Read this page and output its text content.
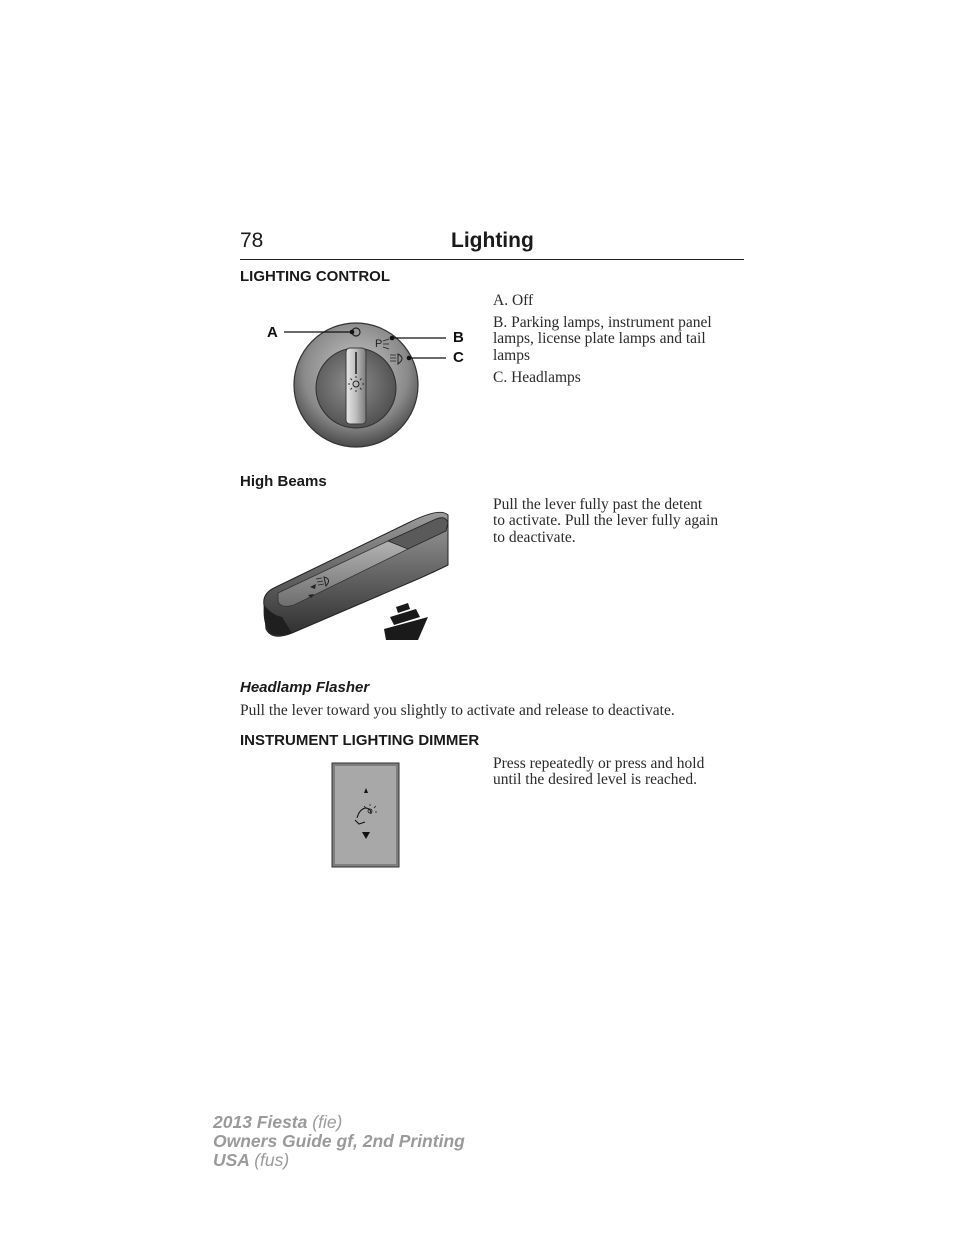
78	Lighting
LIGHTING CONTROL
A. Off
B. Parking lamps, instrument panel
lamps, license plate lamps and tail
lamps
C. Headlamps
P
A	B
C
High Beams
Pull the lever fully past the detent
to activate. Pull the lever fully again
to deactivate.
Headlamp Flasher
Pull the lever toward you slightly to activate and release to deactivate.
INSTRUMENT LIGHTING DIMMER
Press repeatedly or press and hold
until the desired level is reached.
2013 Fiesta (fie)
Owners Guide gf, 2nd Printing
USA (fus)
